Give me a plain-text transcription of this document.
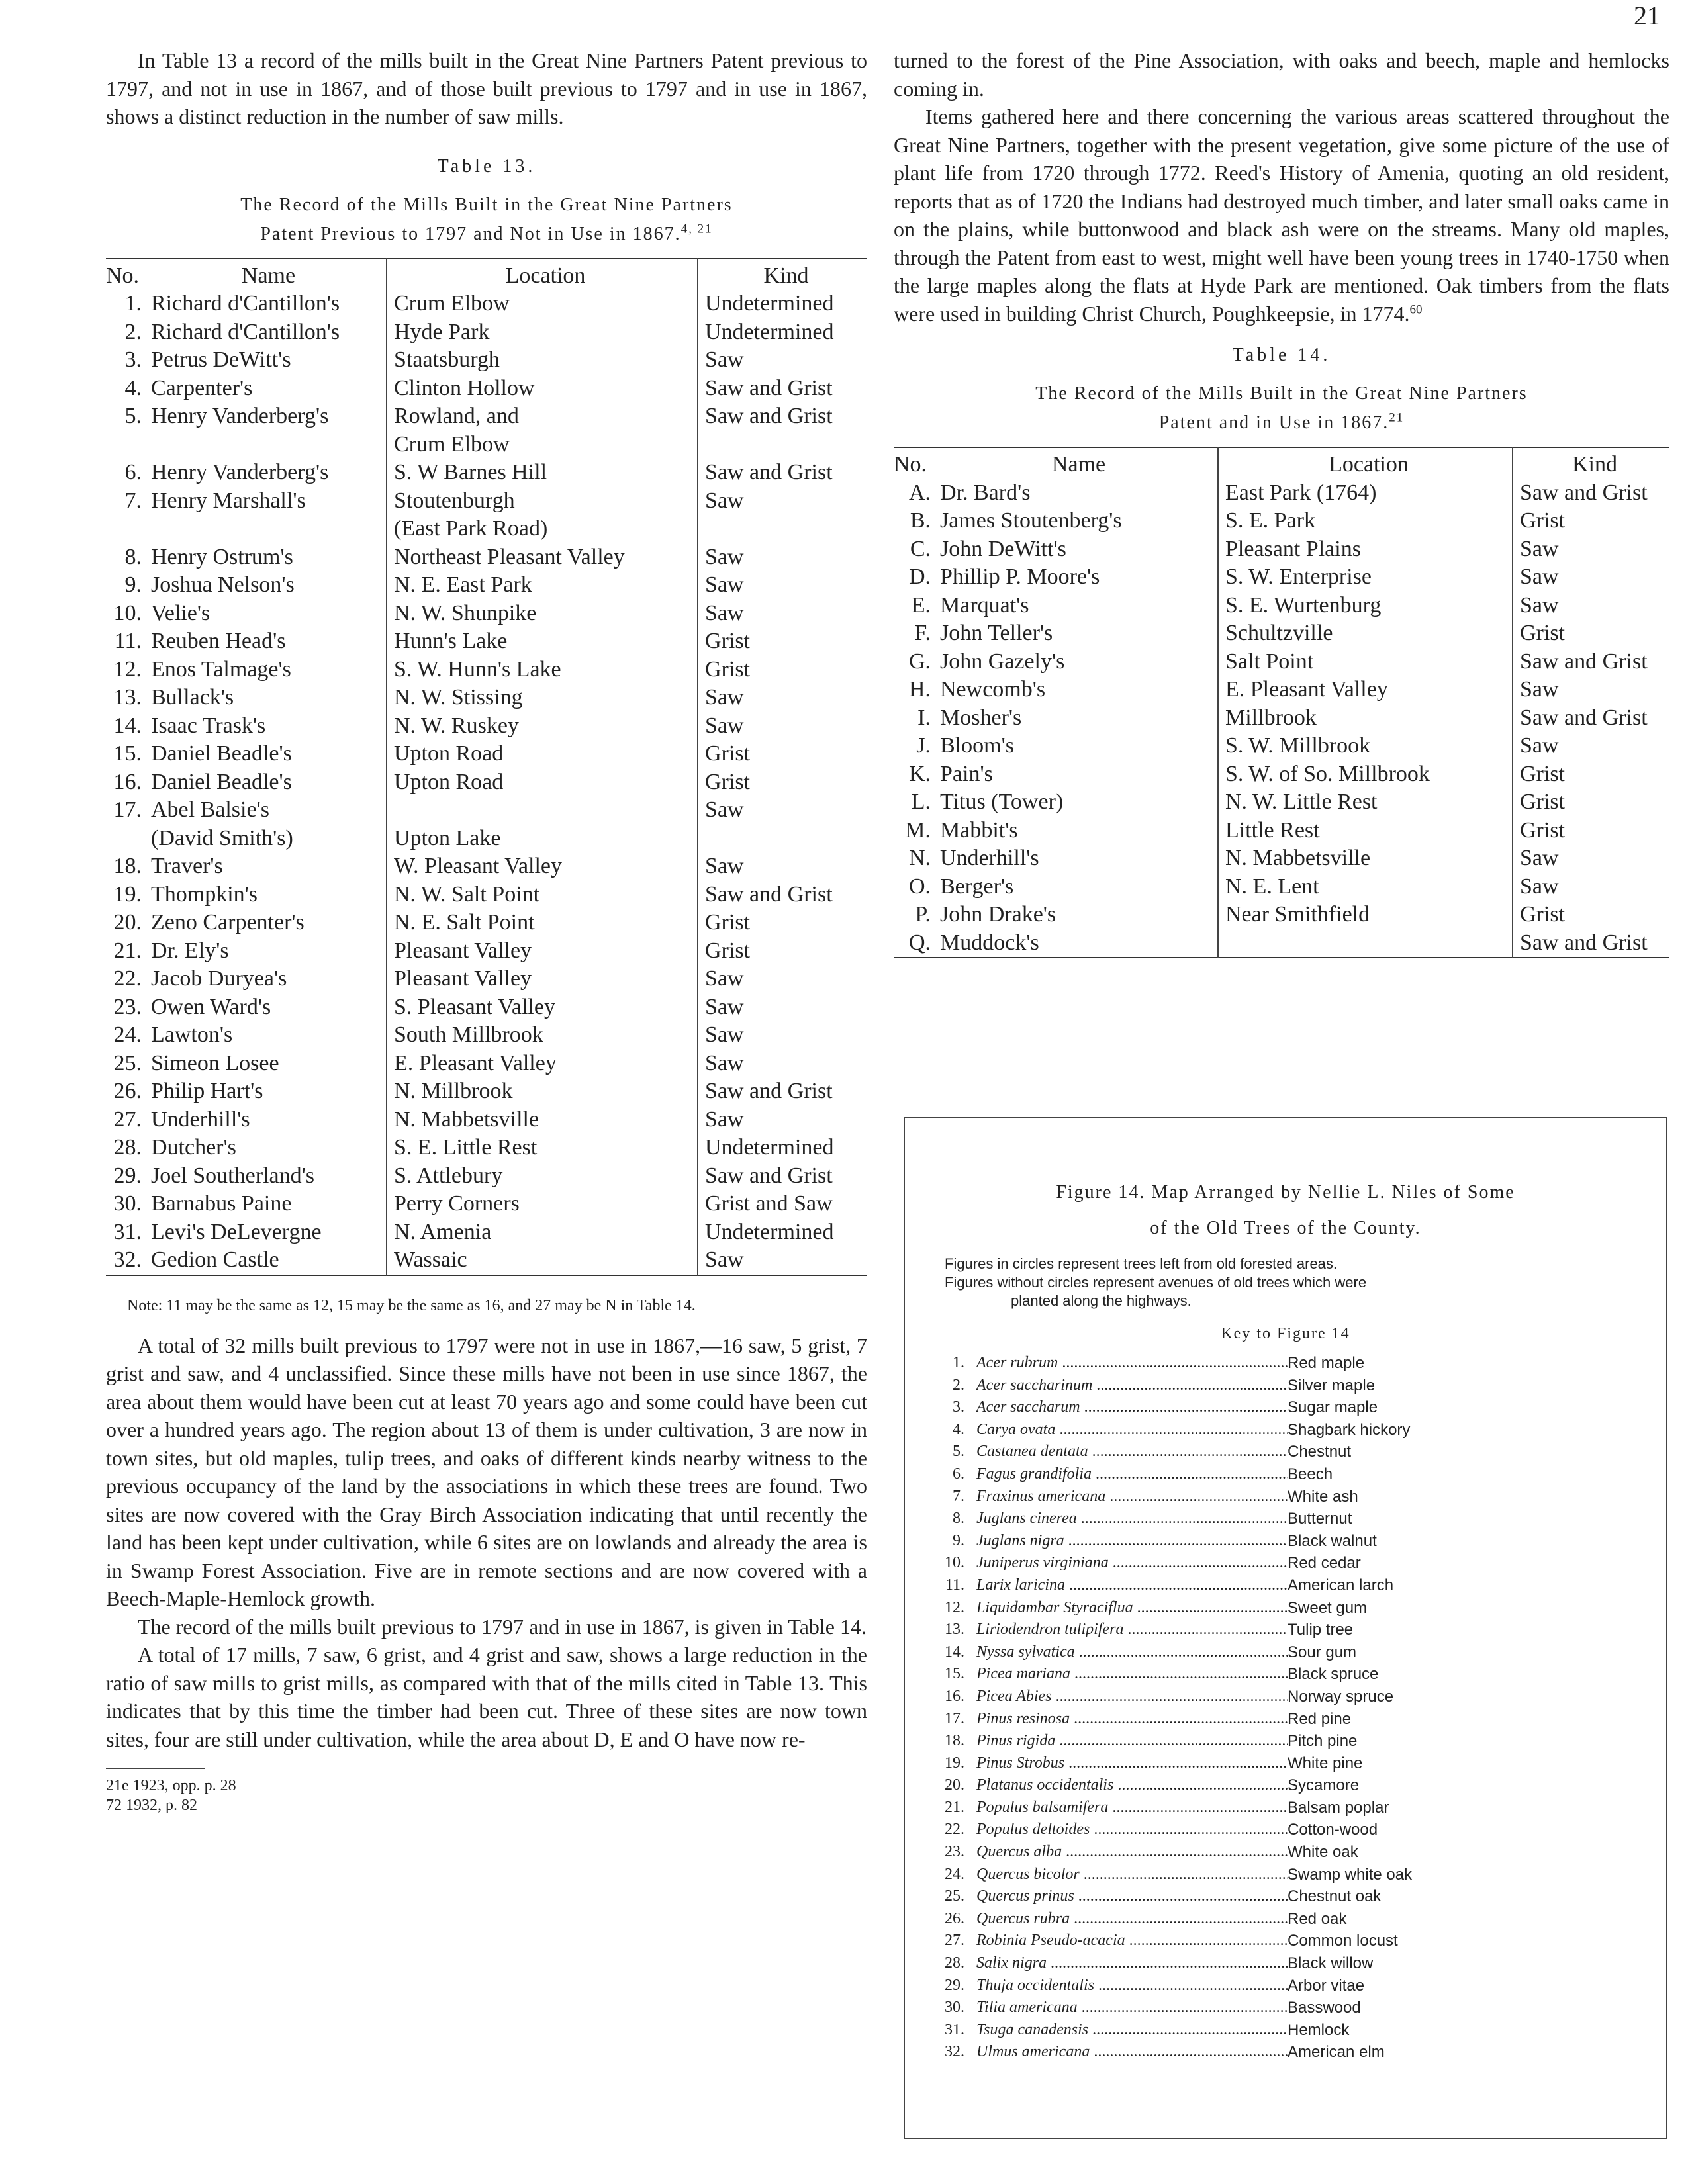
21

In Table 13 a record of the mills built in the Great Nine Partners Patent previous to 1797, and not in use in 1867, and of those built previous to 1797 and in use in 1867, shows a distinct reduction in the number of saw mills.

Table 13.
The Record of the Mills Built in the Great Nine Partners
Patent Previous to 1797 and Not in Use in 1867.$^{4, 21}$
No.	Name	Location	Kind
1.	Richard d'Cantillon's	Crum Elbow	Undetermined
2.	Richard d'Cantillon's	Hyde Park	Undetermined
3.	Petrus DeWitt's	Staatsburgh	Saw
4.	Carpenter's	Clinton Hollow	Saw and Grist
5.	Henry Vanderberg's	Rowland, and	Saw and Grist
		Crum Elbow	
6.	Henry Vanderberg's	S. W Barnes Hill	Saw and Grist
7.	Henry Marshall's	Stoutenburgh	Saw
		(East Park Road)	
8.	Henry Ostrum's	Northeast Pleasant Valley	Saw
9.	Joshua Nelson's	N. E. East Park	Saw
10.	Velie's	N. W. Shunpike	Saw
11.	Reuben Head's	Hunn's Lake	Grist
12.	Enos Talmage's	S. W. Hunn's Lake	Grist
13.	Bullack's	N. W. Stissing	Saw
14.	Isaac Trask's	N. W. Ruskey	Saw
15.	Daniel Beadle's	Upton Road	Grist
16.	Daniel Beadle's	Upton Road	Grist
17.	Abel Balsie's		Saw
	(David Smith's)	Upton Lake	
18.	Traver's	W. Pleasant Valley	Saw
19.	Thompkin's	N. W. Salt Point	Saw and Grist
20.	Zeno Carpenter's	N. E. Salt Point	Grist
21.	Dr. Ely's	Pleasant Valley	Grist
22.	Jacob Duryea's	Pleasant Valley	Saw
23.	Owen Ward's	S. Pleasant Valley	Saw
24.	Lawton's	South Millbrook	Saw
25.	Simeon Losee	E. Pleasant Valley	Saw
26.	Philip Hart's	N. Millbrook	Saw and Grist
27.	Underhill's	N. Mabbetsville	Saw
28.	Dutcher's	S. E. Little Rest	Undetermined
29.	Joel Southerland's	S. Attlebury	Saw and Grist
30.	Barnabus Paine	Perry Corners	Grist and Saw
31.	Levi's DeLevergne	N. Amenia	Undetermined
32.	Gedion Castle	Wassaic	Saw
Note: 11 may be the same as 12, 15 may be the same as 16, and 27 may be N in Table 14.

A total of 32 mills built previous to 1797 were not in use in 1867,—16 saw, 5 grist, 7 grist and saw, and 4 unclassified. Since these mills have not been in use since 1867, the area about them would have been cut at least 70 years ago and some could have been cut over a hundred years ago. The region about 13 of them is under cultivation, 3 are now in town sites, but old maples, tulip trees, and oaks of different kinds nearby witness to the previous occupancy of the land by the associations in which these trees are found. Two sites are now covered with the Gray Birch Association indicating that until recently the land has been kept under cultivation, while 6 sites are on lowlands and already the area is in Swamp Forest Association. Five are in remote sections and are now covered with a Beech-Maple-Hemlock growth.

The record of the mills built previous to 1797 and in use in 1867, is given in Table 14.

A total of 17 mills, 7 saw, 6 grist, and 4 grist and saw, shows a large reduction in the ratio of saw mills to grist mills, as compared with that of the mills cited in Table 13. This indicates that by this time the timber had been cut. Three of these sites are now town sites, four are still under cultivation, while the area about D, E and O have now re-

21e 1923, opp. p. 28
72 1932, p. 82

turned to the forest of the Pine Association, with oaks and beech, maple and hemlocks coming in.

Items gathered here and there concerning the various areas scattered throughout the Great Nine Partners, together with the present vegetation, give some picture of the use of plant life from 1720 through 1772. Reed's History of Amenia, quoting an old resident, reports that as of 1720 the Indians had destroyed much timber, and later small oaks came in on the plains, while buttonwood and black ash were on the streams. Many old maples, through the Patent from east to west, might well have been young trees in 1740-1750 when the large maples along the flats at Hyde Park are mentioned. Oak timbers from the flats were used in building Christ Church, Poughkeepsie, in 1774.60

Table 14.
The Record of the Mills Built in the Great Nine Partners
Patent and in Use in 1867.21
No.	Name	Location	Kind
A.	Dr. Bard's	East Park (1764)	Saw and Grist
B.	James Stoutenberg's	S. E. Park	Grist
C.	John DeWitt's	Pleasant Plains	Saw
D.	Phillip P. Moore's	S. W. Enterprise	Saw
E.	Marquat's	S. E. Wurtenburg	Saw
F.	John Teller's	Schultzville	Grist
G.	John Gazely's	Salt Point	Saw and Grist
H.	Newcomb's	E. Pleasant Valley	Saw
I.	Mosher's	Millbrook	Saw and Grist
J.	Bloom's	S. W. Millbrook	Saw
K.	Pain's	S. W. of So. Millbrook	Grist
L.	Titus (Tower)	N. W. Little Rest	Grist
M.	Mabbit's	Little Rest	Grist
N.	Underhill's	N. Mabbetsville	Saw
O.	Berger's	N. E. Lent	Saw
P.	John Drake's	Near Smithfield	Grist
Q.	Muddock's		Saw and Grist
Figure 14. Map Arranged by Nellie L. Niles of Some
of the Old Trees of the County.
Figures in circles represent trees left from old forested areas.
Figures without circles represent avenues of old trees which were
planted along the highways.
Key to Figure 14
1. Acer rubrum .....	Red maple
2. Acer saccharinum .....	Silver maple
3. Acer saccharum .....	Sugar maple
4. Carya ovata .....	Shagbark hickory
5. Castanea dentata .....	Chestnut
6. Fagus grandifolia .....	Beech
7. Fraxinus americana .....	White ash
8. Juglans cinerea .....	Butternut
9. Juglans nigra .....	Black walnut
10. Juniperus virginiana .....	Red cedar
11. Larix laricina .....	American larch
12. Liquidambar Styraciflua .....	Sweet gum
13. Liriodendron tulipifera .....	Tulip tree
14. Nyssa sylvatica .....	Sour gum
15. Picea mariana .....	Black spruce
16. Picea Abies .....	Norway spruce
17. Pinus resinosa .....	Red pine
18. Pinus rigida .....	Pitch pine
19. Pinus Strobus .....	White pine
20. Platanus occidentalis .....	Sycamore
21. Populus balsamifera .....	Balsam poplar
22. Populus deltoides .....	Cotton-wood
23. Quercus alba .....	White oak
24. Quercus bicolor .....	Swamp white oak
25. Quercus prinus .....	Chestnut oak
26. Quercus rubra .....	Red oak
27. Robinia Pseudo-acacia .....	Common locust
28. Salix nigra .....	Black willow
29. Thuja occidentalis .....	Arbor vitae
30. Tilia americana .....	Basswood
31. Tsuga canadensis .....	Hemlock
32. Ulmus americana .....	American elm
